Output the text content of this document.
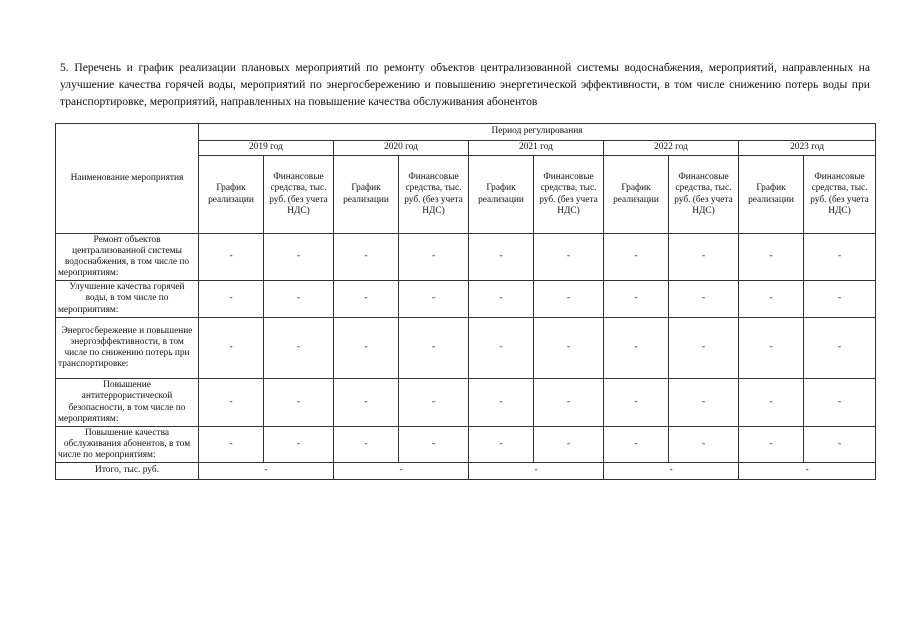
5. Перечень и график реализации плановых мероприятий по ремонту объектов централизованной системы водоснабжения, мероприятий, направленных на улучшение качества горячей воды, мероприятий по энергосбережению и повышению энергетической эффективности, в том числе снижению потерь воды при транспортировке, мероприятий, направленных на повышение качества обслуживания абонентов
Наименование мероприятия	Период регулирования									
	2019 год		2020 год		2021 год		2022 год		2023 год	
	График реализации	Финансовые средства, тыс. руб. (без учета НДС)	График реализации	Финансовые средства, тыс. руб. (без учета НДС)	График реализации	Финансовые средства, тыс. руб. (без учета НДС)	График реализации	Финансовые средства, тыс. руб. (без учета НДС)	График реализации	Финансовые средства, тыс. руб. (без учета НДС)
Ремонт объектов централизованной системы водоснабжения, в том числе по мероприятиям:	-	-	-	-	-	-	-	-	-	-
Улучшение качества горячей воды, в том числе по мероприятиям:	-	-	-	-	-	-	-	-	-	-
Энергосбережение и повышение энергоэффективности, в том числе по снижению потерь при транспортировке:	-	-	-	-	-	-	-	-	-	-
Повышение антитеррористической безопасности, в том числе по мероприятиям:	-	-	-	-	-	-	-	-	-	-
Повышение качества обслуживания абонентов, в том числе по мероприятиям:	-	-	-	-	-	-	-	-	-	-
Итого, тыс. руб.	-		-		-		-		-	
